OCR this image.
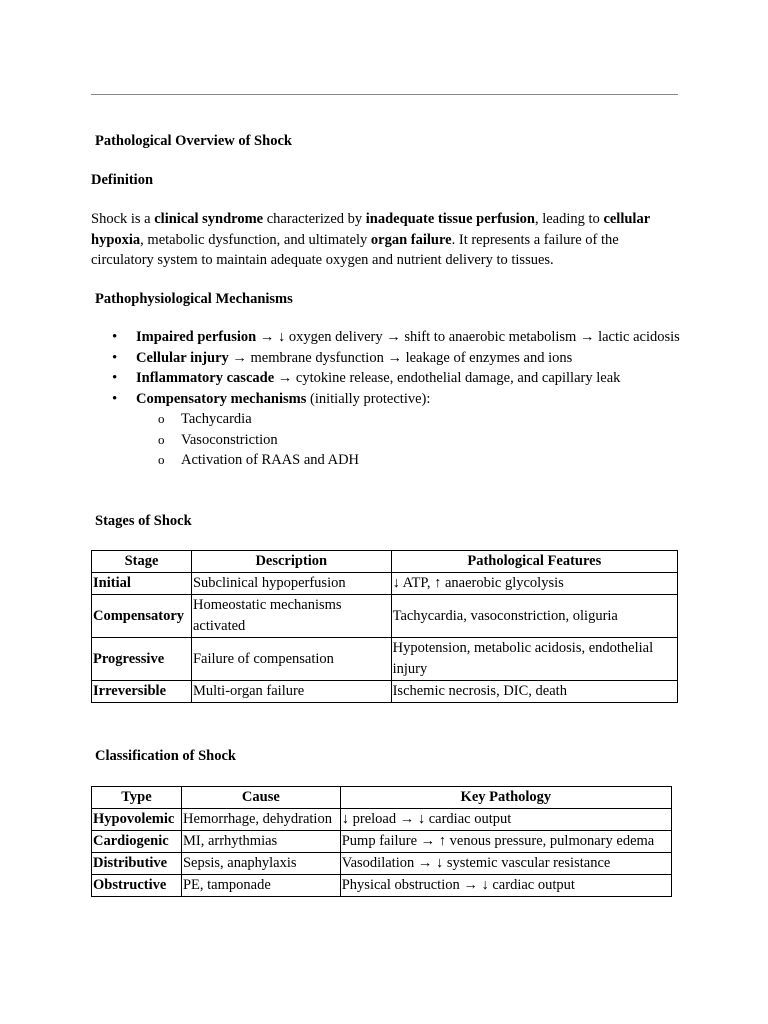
Pathological Overview of Shock
Definition
Shock is a clinical syndrome characterized by inadequate tissue perfusion, leading to cellular hypoxia, metabolic dysfunction, and ultimately organ failure. It represents a failure of the circulatory system to maintain adequate oxygen and nutrient delivery to tissues.
Pathophysiological Mechanisms
• Impaired perfusion → ↓ oxygen delivery → shift to anaerobic metabolism → lactic acidosis
• Cellular injury → membrane dysfunction → leakage of enzymes and ions
• Inflammatory cascade → cytokine release, endothelial damage, and capillary leak
• Compensatory mechanisms (initially protective):
o Tachycardia
o Vasoconstriction
o Activation of RAAS and ADH
Stages of Shock
Stage	Description	Pathological Features
Initial	Subclinical hypoperfusion	↓ ATP, ↑ anaerobic glycolysis
Compensatory	Homeostatic mechanisms activated	Tachycardia, vasoconstriction, oliguria
Progressive	Failure of compensation	Hypotension, metabolic acidosis, endothelial injury
Irreversible	Multi-organ failure	Ischemic necrosis, DIC, death
Classification of Shock
Type	Cause	Key Pathology
Hypovolemic	Hemorrhage, dehydration	↓ preload → ↓ cardiac output
Cardiogenic	MI, arrhythmias	Pump failure → ↑ venous pressure, pulmonary edema
Distributive	Sepsis, anaphylaxis	Vasodilation → ↓ systemic vascular resistance
Obstructive	PE, tamponade	Physical obstruction → ↓ cardiac output
